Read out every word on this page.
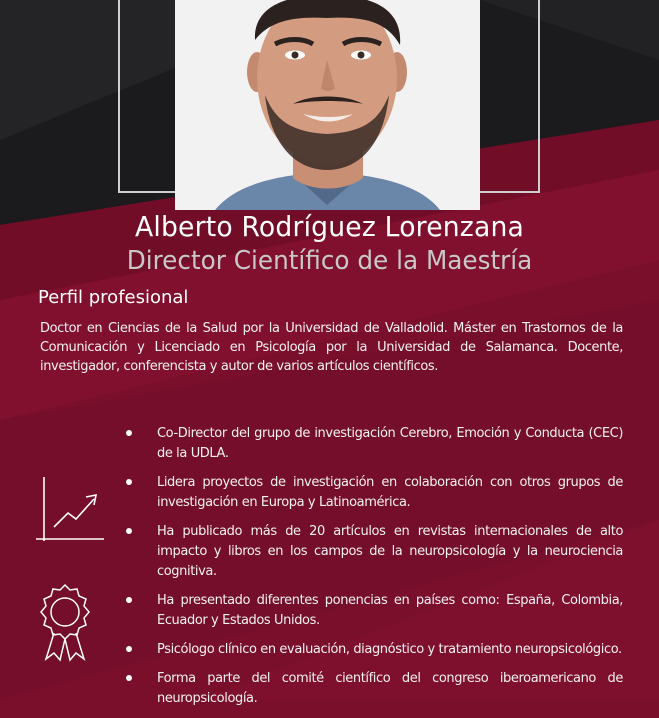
Alberto Rodríguez Lorenzana
Director Científico de la Maestría
Perfil profesional
Doctor en Ciencias de la Salud por la Universidad de Valladolid. Máster en Trastornos de la Comunicación y Licenciado en Psicología por la Universidad de Salamanca. Docente, investigador, conferencista y autor de varios artículos científicos.
Co-Director del grupo de investigación Cerebro, Emoción y Conducta (CEC) de la UDLA.
Lidera proyectos de investigación en colaboración con otros grupos de investigación en Europa y Latinoamérica.
Ha publicado más de 20 artículos en revistas internacionales de alto impacto y libros en los campos de la neuropsicología y la neurociencia cognitiva.
Ha presentado diferentes ponencias en países como: España, Colombia, Ecuador y Estados Unidos.
Psicólogo clínico en evaluación, diagnóstico y tratamiento neuropsicológico.
Forma parte del comité científico del congreso iberoamericano de neuropsicología.
